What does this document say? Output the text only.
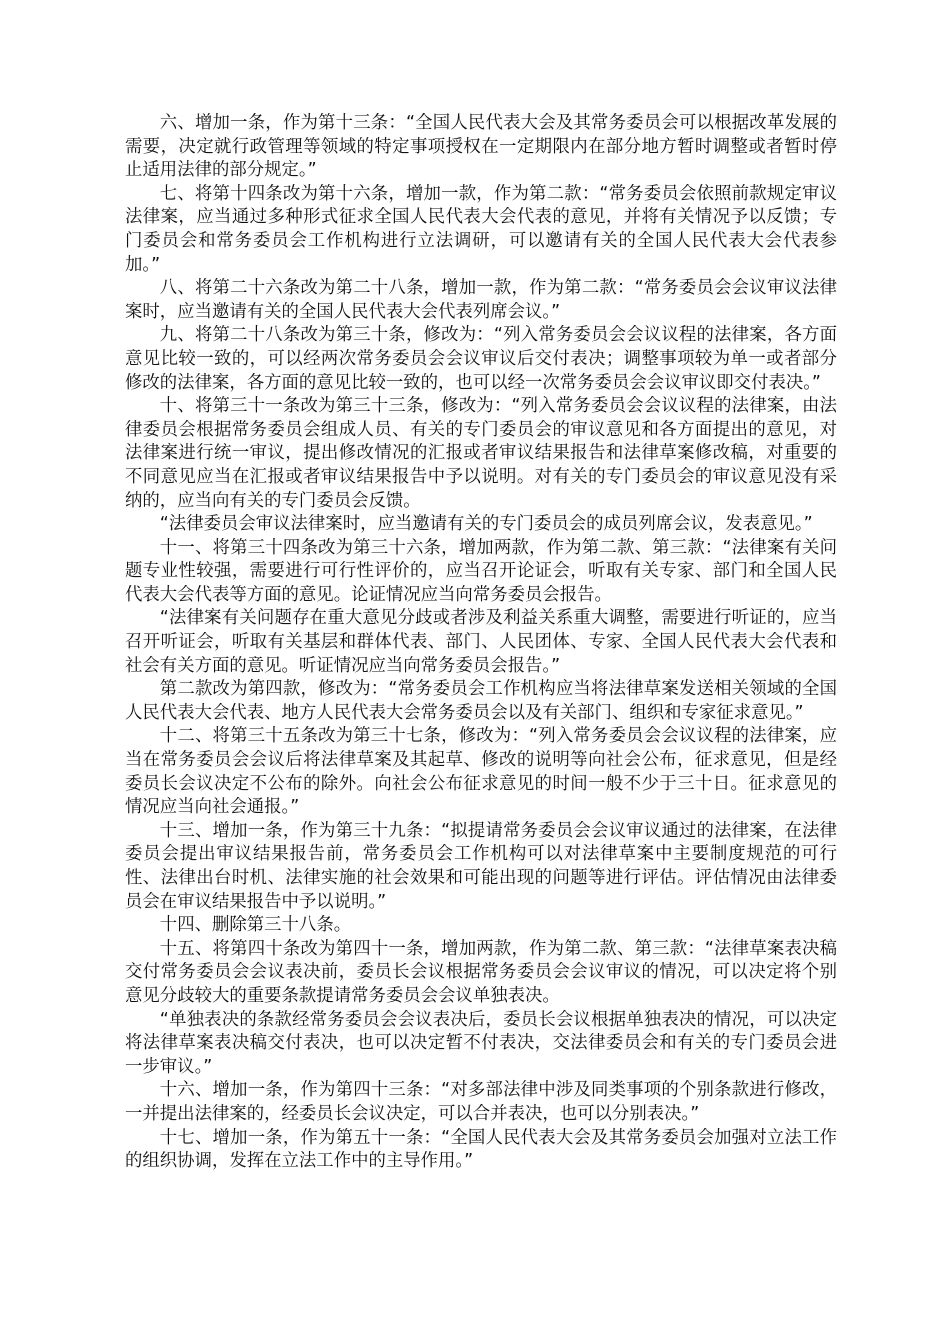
六、增加一条，作为第十三条：“全国人民代表大会及其常务委员会可以根据改革发展的需要，决定就行政管理等领域的特定事项授权在一定期限内在部分地方暂时调整或者暂时停止适用法律的部分规定。”

七、将第十四条改为第十六条，增加一款，作为第二款：“常务委员会依照前款规定审议法律案，应当通过多种形式征求全国人民代表大会代表的意见，并将有关情况予以反馈；专门委员会和常务委员会工作机构进行立法调研，可以邀请有关的全国人民代表大会代表参加。”

八、将第二十六条改为第二十八条，增加一款，作为第二款：“常务委员会会议审议法律案时，应当邀请有关的全国人民代表大会代表列席会议。”

九、将第二十八条改为第三十条，修改为：“列入常务委员会会议议程的法律案，各方面意见比较一致的，可以经两次常务委员会会议审议后交付表决；调整事项较为单一或者部分修改的法律案，各方面的意见比较一致的，也可以经一次常务委员会会议审议即交付表决。”

十、将第三十一条改为第三十三条，修改为：“列入常务委员会会议议程的法律案，由法律委员会根据常务委员会组成人员、有关的专门委员会的审议意见和各方面提出的意见，对法律案进行统一审议，提出修改情况的汇报或者审议结果报告和法律草案修改稿，对重要的不同意见应当在汇报或者审议结果报告中予以说明。对有关的专门委员会的审议意见没有采纳的，应当向有关的专门委员会反馈。

“法律委员会审议法律案时，应当邀请有关的专门委员会的成员列席会议，发表意见。”

十一、将第三十四条改为第三十六条，增加两款，作为第二款、第三款：“法律案有关问题专业性较强，需要进行可行性评价的，应当召开论证会，听取有关专家、部门和全国人民代表大会代表等方面的意见。论证情况应当向常务委员会报告。

“法律案有关问题存在重大意见分歧或者涉及利益关系重大调整，需要进行听证的，应当召开听证会，听取有关基层和群体代表、部门、人民团体、专家、全国人民代表大会代表和社会有关方面的意见。听证情况应当向常务委员会报告。”

第二款改为第四款，修改为：“常务委员会工作机构应当将法律草案发送相关领域的全国人民代表大会代表、地方人民代表大会常务委员会以及有关部门、组织和专家征求意见。”

十二、将第三十五条改为第三十七条，修改为：“列入常务委员会会议议程的法律案，应当在常务委员会会议后将法律草案及其起草、修改的说明等向社会公布，征求意见，但是经委员长会议决定不公布的除外。向社会公布征求意见的时间一般不少于三十日。征求意见的情况应当向社会通报。”

十三、增加一条，作为第三十九条：“拟提请常务委员会会议审议通过的法律案，在法律委员会提出审议结果报告前，常务委员会工作机构可以对法律草案中主要制度规范的可行性、法律出台时机、法律实施的社会效果和可能出现的问题等进行评估。评估情况由法律委员会在审议结果报告中予以说明。”

十四、删除第三十八条。

十五、将第四十条改为第四十一条，增加两款，作为第二款、第三款：“法律草案表决稿交付常务委员会会议表决前，委员长会议根据常务委员会会议审议的情况，可以决定将个别意见分歧较大的重要条款提请常务委员会会议单独表决。

“单独表决的条款经常务委员会会议表决后，委员长会议根据单独表决的情况，可以决定将法律草案表决稿交付表决，也可以决定暂不付表决，交法律委员会和有关的专门委员会进一步审议。”

十六、增加一条，作为第四十三条：“对多部法律中涉及同类事项的个别条款进行修改，一并提出法律案的，经委员长会议决定，可以合并表决，也可以分别表决。”

十七、增加一条，作为第五十一条：“全国人民代表大会及其常务委员会加强对立法工作的组织协调，发挥在立法工作中的主导作用。”
